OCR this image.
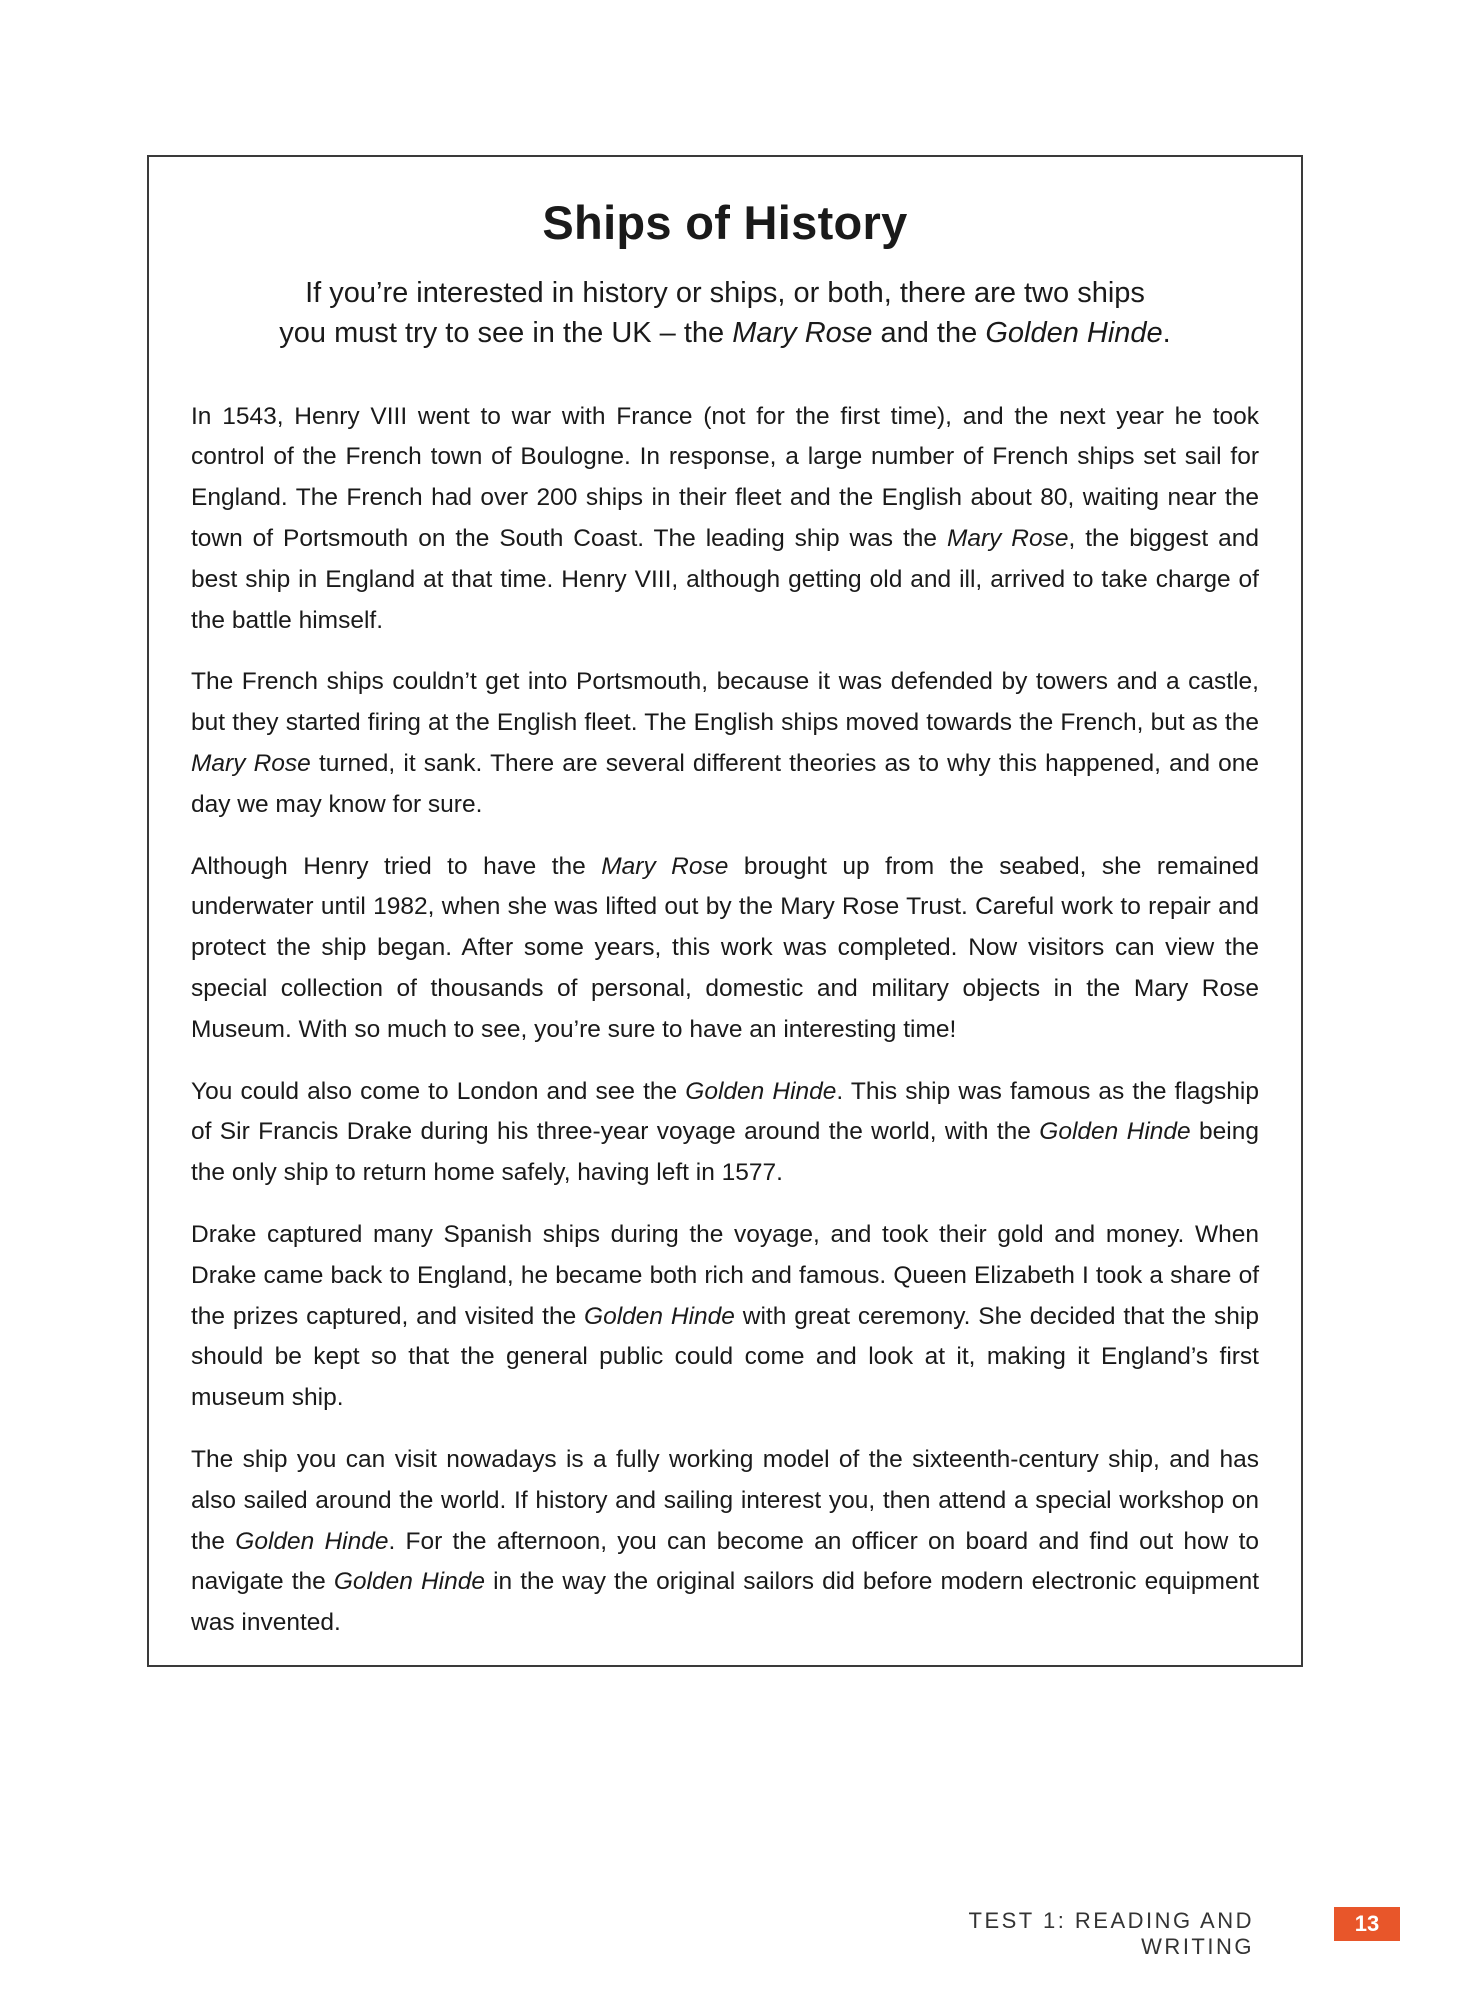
Ships of History

If you’re interested in history or ships, or both, there are two ships
you must try to see in the UK – the Mary Rose and the Golden Hinde.

In 1543, Henry VIII went to war with France (not for the first time), and the next year he took control of the French town of Boulogne. In response, a large number of French ships set sail for England. The French had over 200 ships in their fleet and the English about 80, waiting near the town of Portsmouth on the South Coast. The leading ship was the Mary Rose, the biggest and best ship in England at that time. Henry VIII, although getting old and ill, arrived to take charge of the battle himself.

The French ships couldn’t get into Portsmouth, because it was defended by towers and a castle, but they started firing at the English fleet. The English ships moved towards the French, but as the Mary Rose turned, it sank. There are several different theories as to why this happened, and one day we may know for sure.

Although Henry tried to have the Mary Rose brought up from the seabed, she remained underwater until 1982, when she was lifted out by the Mary Rose Trust. Careful work to repair and protect the ship began. After some years, this work was completed. Now visitors can view the special collection of thousands of personal, domestic and military objects in the Mary Rose Museum. With so much to see, you’re sure to have an interesting time!

You could also come to London and see the Golden Hinde. This ship was famous as the flagship of Sir Francis Drake during his three-year voyage around the world, with the Golden Hinde being the only ship to return home safely, having left in 1577.

Drake captured many Spanish ships during the voyage, and took their gold and money. When Drake came back to England, he became both rich and famous. Queen Elizabeth I took a share of the prizes captured, and visited the Golden Hinde with great ceremony. She decided that the ship should be kept so that the general public could come and look at it, making it England’s first museum ship.

The ship you can visit nowadays is a fully working model of the sixteenth-century ship, and has also sailed around the world. If history and sailing interest you, then attend a special workshop on the Golden Hinde. For the afternoon, you can become an officer on board and find out how to navigate the Golden Hinde in the way the original sailors did before modern electronic equipment was invented.

TEST 1: READING AND WRITING
13
